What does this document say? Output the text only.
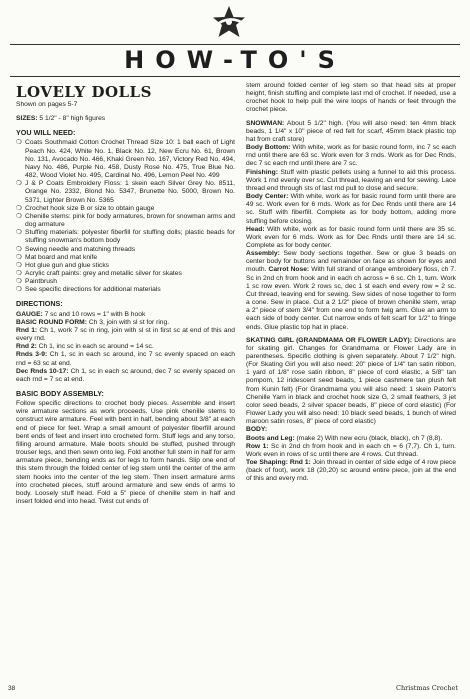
HOW-TO'S

LOVELY DOLLS

Shown on pages 5-7

SIZES: 5 1/2" - 8" high figures

YOU WILL NEED:
❍ Coats Southmaid Cotton Crochet Thread Size 10: 1 ball each of Light Peach No. 424, White No. 1, Black No. 12, New Ecru No. 61, Brown No. 131, Avocado No. 466, Khaki Green No. 167, Victory Red No. 494, Navy No. 486, Purple No. 458, Dusty Rose No. 475, True Blue No. 482, Wood Violet No. 495, Cardinal No. 496, Lemon Peel No. 499
❍ J & P Coats Embroidery Floss: 1 skein each Silver Grey No. 8511, Orange No. 2332, Blond No. 5347, Brunette No. 5000, Brown No. 5371, Lighter Brown No. 5365
❍ Crochet hook size B or size to obtain gauge
❍ Chenille stems: pink for body armatures, brown for snowman arms and dog armature
❍ Stuffing materials: polyester fiberfill for stuffing dolls; plastic beads for stuffing snowman's bottom body
❍ Sewing needle and matching threads
❍ Mat board and mat knife
❍ Hot glue gun and glue sticks
❍ Acrylic craft paints: grey and metallic silver for skates
❍ Paintbrush
❍ See specific directions for additional materials
DIRECTIONS:

GAUGE: 7 sc and 10 rows = 1" with B hook

BASIC ROUND FORM: Ch 3, join with sl st for ring.

Rnd 1: Ch 1, work 7 sc in ring, join with sl st in first sc at end of this and every rnd.

Rnd 2: Ch 1, inc sc in each sc around = 14 sc.

Rnds 3-9: Ch 1, sc in each sc around, inc 7 sc evenly spaced on each rnd = 63 sc at end.

Dec Rnds 10-17: Ch 1, sc in each sc around, dec 7 sc evenly spaced on each rnd = 7 sc at end.

BASIC BODY ASSEMBLY:

Follow specific directions to crochet body pieces. Assemble and insert wire armature sections as work proceeds. Use pink chenille stems to construct wire armature. Feel with bent in half, bending about 3/8" at each end of piece for feet. Wrap a small amount of polyester fiberfill around bent ends of feet and insert into crocheted form. Stuff legs and any torso, filling around armature. Male boots should be stuffed, pushed through trouser legs, and then sewn onto leg. Fold another full stem in half for arm armature piece, bending ends as for legs to form hands. Slip one end of this stem through the folded center of leg stem until the center of the arm stem hooks into the center of the leg stem. Then insert armature arms into crocheted pieces, stuff around armature and sew ends of arms to body. Loosely stuff head. Fold a 5" piece of chenille stem in half and insert folded end into head. Twist cut ends of

stem around folded center of leg stem so that head sits at proper height, finish stuffing and complete last rnd of crochet. If needed, use a crochet hook to help pull the wire loops of hands or feet through the crochet piece.

SNOWMAN: About 5 1/2" high. (You will also need: ten 4mm black beads, 1 1/4" x 10" piece of red felt for scarf, 45mm black plastic top hat from craft store)

Body Bottom: With white, work as for basic round form, inc 7 sc each rnd until there are 63 sc. Work even for 3 rnds. Work as for Dec Rnds, dec 7 sc each rnd until there are 7 sc.

Finishing: Stuff with plastic pellets using a funnel to aid this process. Work 1 rnd evenly over sc. Cut thread, leaving an end for sewing. Lace thread end through sts of last rnd pull to close and secure.

Body Center: With white, work as for basic round form until there are 49 sc. Work even for 6 rnds. Work as for Dec Rnds until there are 14 sc. Stuff with fiberfill. Complete as for body bottom, adding more stuffing before closing.

Head: With white, work as for basic round form until there are 35 sc. Work even for 6 rnds. Work as for Dec Rnds until there are 14 sc. Complete as for body center.

Assembly: Sew body sections together. Sew or glue 3 beads on center body for buttons and remainder on face as shown for eyes and mouth. Carrot Nose: With full strand of orange embroidery floss, ch 7. Sc in 2nd ch from hook and in each ch across = 6 sc. Ch 1, turn. Work 1 sc row even. Work 2 rows sc, dec 1 st each end every row = 2 sc. Cut thread, leaving end for sewing. Sew sides of nose together to form a cone. Sew in place. Cut a 2 1/2" piece of brown chenille stem, wrap a 2" piece of stem 3/4" from one end to form twig arm. Glue an arm to each side of body center. Cut narrow ends of felt scarf for 1/2" to fringe ends. Glue plastic top hat in place.

SKATING GIRL (GRANDMAMA OR FLOWER LADY): Directions are for skating girl. Changes for Grandmama or Flower Lady are in parentheses. Specific clothing is given separately. About 7 1/2" high. (For Skating Girl you will also need: 20" piece of 1/4" tan satin ribbon, 1 yard of 1/8" rose satin ribbon, 8" piece of cord elastic, a 5/8" tan pompom, 12 iridescent seed beads, 1 piece cashmere tan plush felt from Kunin felt) (For Grandmama you will also need: 1 skein Paton's Chenille Yarn in black and crochet hook size G, 2 small feathers, 3 jet color seed beads, 2 silver spacer beads, 8" piece of cord elastic) (For Flower Lady you will also need: 10 black seed beads, 1 bunch of wired maroon satin roses, 8" piece of cord elastic)

BODY:

Boots and Leg: (make 2) With new ecru (black, black), ch 7 (8,8).

Row 1: Sc in 2nd ch from hook and in each ch = 6 (7,7). Ch 1, turn. Work even in rows of sc until there are 4 rows. Cut thread.

Toe Shaping: Rnd 1: Join thread in center of side edge of 4 row piece (back of foot), work 18 (20,20) sc around entire piece, join at the end of this and every rnd.

38	Christmas Crochet
